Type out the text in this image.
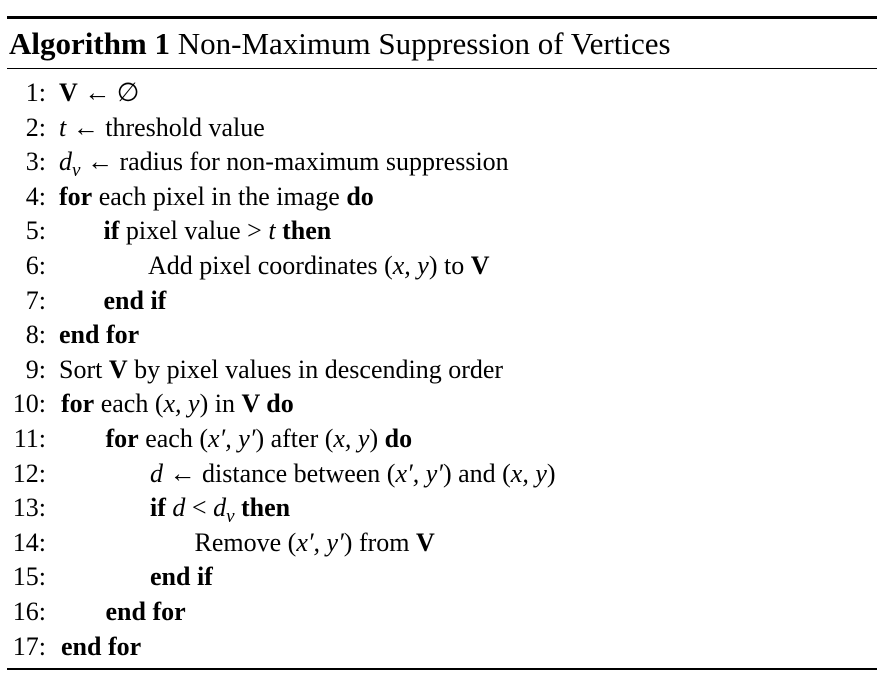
Algorithm 1 Non-Maximum Suppression of Vertices
1: V ← ∅
2: t ← threshold value
3: $d_v$ ← radius for non-maximum suppression
4: for each pixel in the image do
5: if pixel value > t then
6:	Add pixel coordinates (x, y) to V
7: end if
8: end for
9: Sort V by pixel values in descending order
10: for each (x, y) in V do
11: for each (x′, y′) after (x, y) do
12:	d ← distance between (x′, y′) and (x, y)
13:	if $d < d_v$ then
14:	Remove (x′, y′) from V
15:	end if
16: end for
17: end for
